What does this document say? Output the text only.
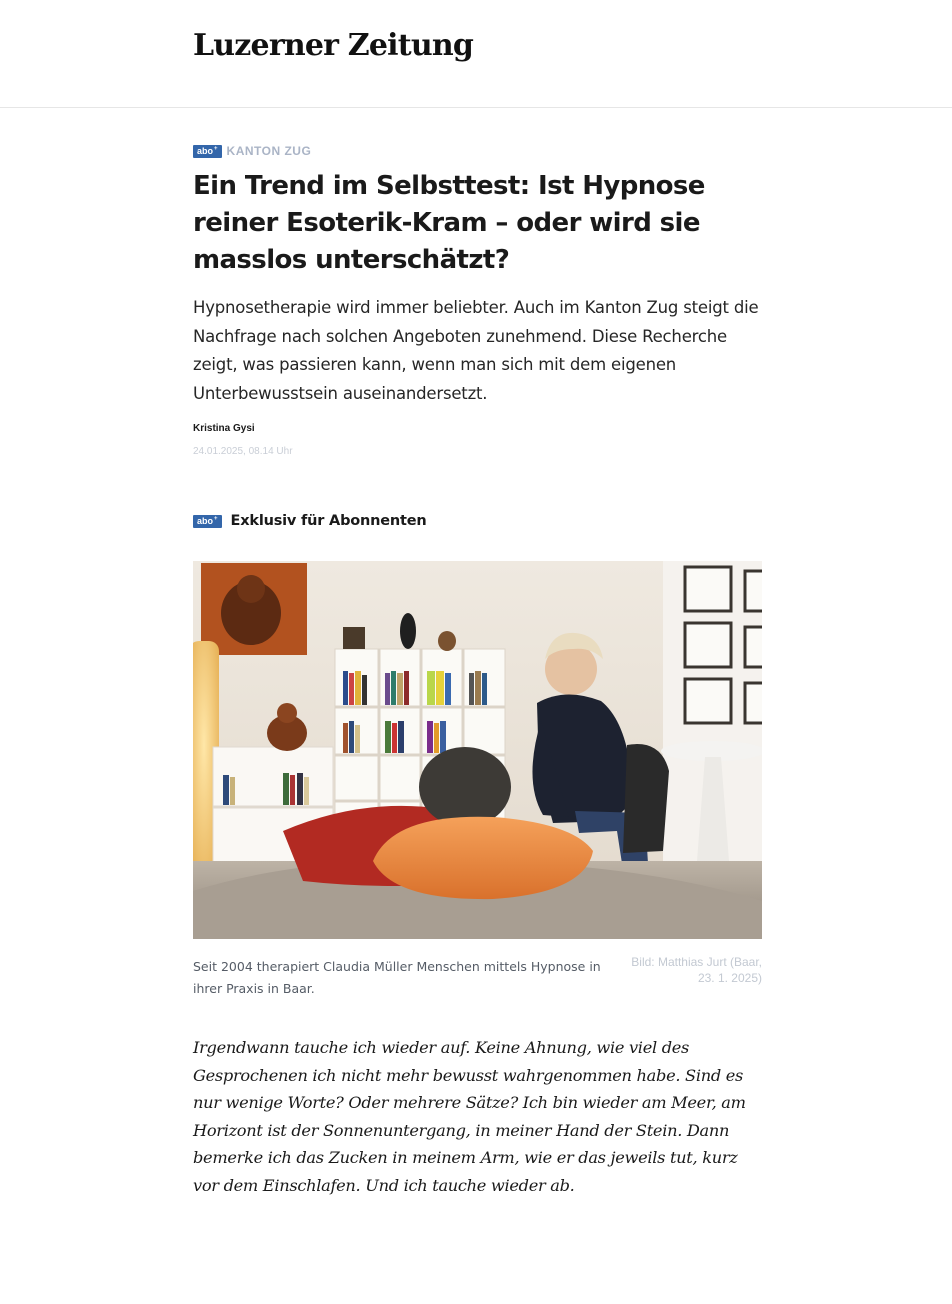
Luzerner Zeitung
abo+ KANTON ZUG
Ein Trend im Selbsttest: Ist Hypnose reiner Esoterik-Kram – oder wird sie masslos unterschätzt?

Hypnosetherapie wird immer beliebter. Auch im Kanton Zug steigt die Nachfrage nach solchen Angeboten zunehmend. Diese Recherche zeigt, was passieren kann, wenn man sich mit dem eigenen Unterbewusstsein auseinandersetzt.

Kristina Gysi
24.01.2025, 08.14 Uhr
abo+ Exklusiv für Abonnenten

Seit 2004 therapiert Claudia Müller Menschen mittels Hypnose in ihrer Praxis in Baar.

Bild: Matthias Jurt (Baar, 23. 1. 2025)

Irgendwann tauche ich wieder auf. Keine Ahnung, wie viel des Gesprochenen ich nicht mehr bewusst wahrgenommen habe. Sind es nur wenige Worte? Oder mehrere Sätze? Ich bin wieder am Meer, am Horizont ist der Sonnenuntergang, in meiner Hand der Stein. Dann bemerke ich das Zucken in meinem Arm, wie er das jeweils tut, kurz vor dem Einschlafen. Und ich tauche wieder ab.
